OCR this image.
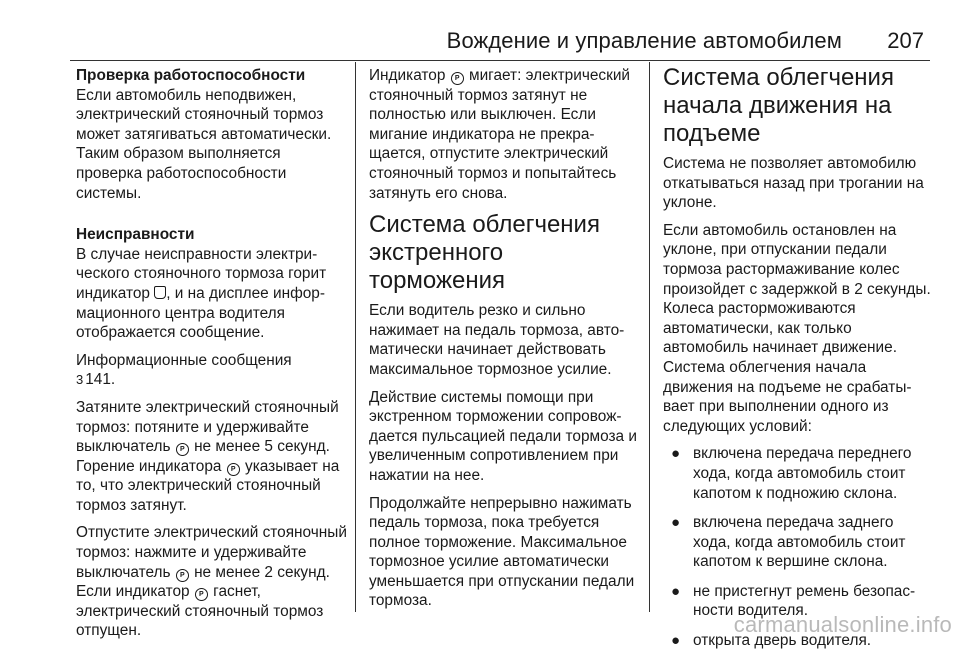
Вождение и управление автомобилем 207
Проверка работоспособности

Если автомобиль неподвижен, электрический стояночный тормоз может затягиваться автоматически. Таким образом выполняется проверка работоспособности системы.

Неисправности

В случае неисправности электрического стояночного тормоза горит индикатор , и на дисплее информационного центра водителя отображается сообщение.

Информационные сообщения
3 141.

Затяните электрический стояночный тормоз: потяните и удерживайте выключатель P не менее 5 секунд. Горение индикатора P указывает на то, что электрический стояночный тормоз затянут.

Отпустите электрический стояночный тормоз: нажмите и удерживайте выключатель P не менее 2 секунд. Если индикатор P гаснет, электрический стояночный тормоз отпущен.

Индикатор P мигает: электрический стояночный тормоз затянут не полностью или выключен. Если мигание индикатора не прекращается, отпустите электрический стояночный тормоз и попытайтесь затянуть его снова.

Система облегчения экстренного торможения

Если водитель резко и сильно нажимает на педаль тормоза, автоматически начинает действовать максимальное тормозное усилие.

Действие системы помощи при экстренном торможении сопровождается пульсацией педали тормоза и увеличенным сопротивлением при нажатии на нее.

Продолжайте непрерывно нажимать педаль тормоза, пока требуется полное торможение. Максимальное тормозное усилие автоматически уменьшается при отпускании педали тормоза.

Система облегчения начала движения на подъеме

Система не позволяет автомобилю откатываться назад при трогании на уклоне.

Если автомобиль остановлен на уклоне, при отпускании педали тормоза растормаживание колес произойдет с задержкой в 2 секунды. Колеса расторможиваются автоматически, как только автомобиль начинает движение. Система облегчения начала движения на подъеме не срабатывает при выполнении одного из следующих условий:

● включена передача переднего хода, когда автомобиль стоит капотом к подножию склона.
● включена передача заднего хода, когда автомобиль стоит капотом к вершине склона.
● не пристегнут ремень безопасности водителя.
● открыта дверь водителя.
carmanualsonline.info
